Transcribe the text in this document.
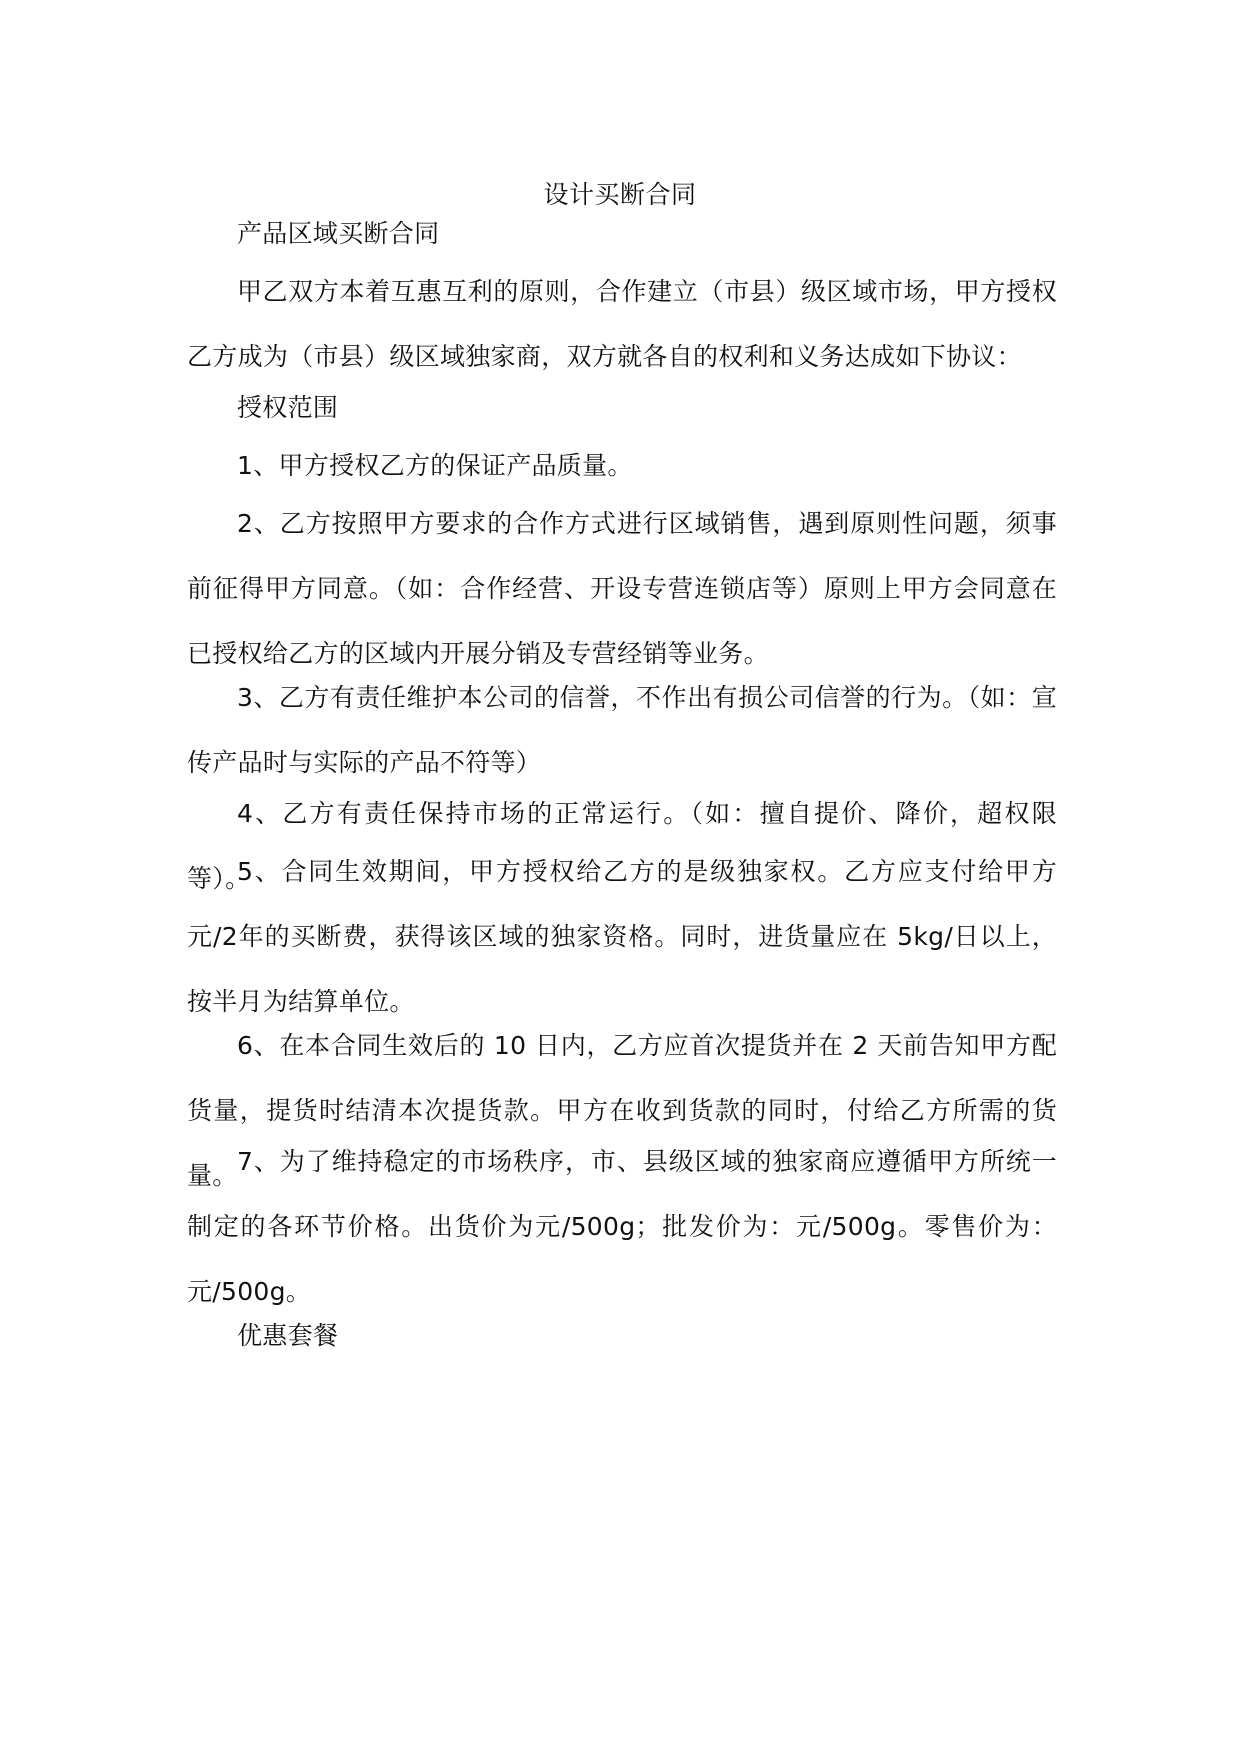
设计买断合同

产品区域买断合同

甲乙双方本着互惠互利的原则，合作建立（市县）级区域市场，甲方授权乙方成为（市县）级区域独家商，双方就各自的权利和义务达成如下协议：

授权范围

1、甲方授权乙方的保证产品质量。

2、乙方按照甲方要求的合作方式进行区域销售，遇到原则性问题，须事前征得甲方同意。（如：合作经营、开设专营连锁店等）原则上甲方会同意在已授权给乙方的区域内开展分销及专营经销等业务。

3、乙方有责任维护本公司的信誉，不作出有损公司信誉的行为。（如：宣传产品时与实际的产品不符等）

4、乙方有责任保持市场的正常运行。（如：擅自提价、降价，超权限等）。

5、合同生效期间，甲方授权给乙方的是级独家权。乙方应支付给甲方元/2年的买断费，获得该区域的独家资格。同时，进货量应在 5kg/日以上，按半月为结算单位。

6、在本合同生效后的 10 日内，乙方应首次提货并在 2 天前告知甲方配货量，提货时结清本次提货款。甲方在收到货款的同时，付给乙方所需的货量。 7、为了维持稳定的市场秩序，市、县级区域的独家商应遵循甲方所统一制定的各环节价格。出货价为元/500g；批发价为：元/500g。零售价为：元/500g。

优惠套餐
